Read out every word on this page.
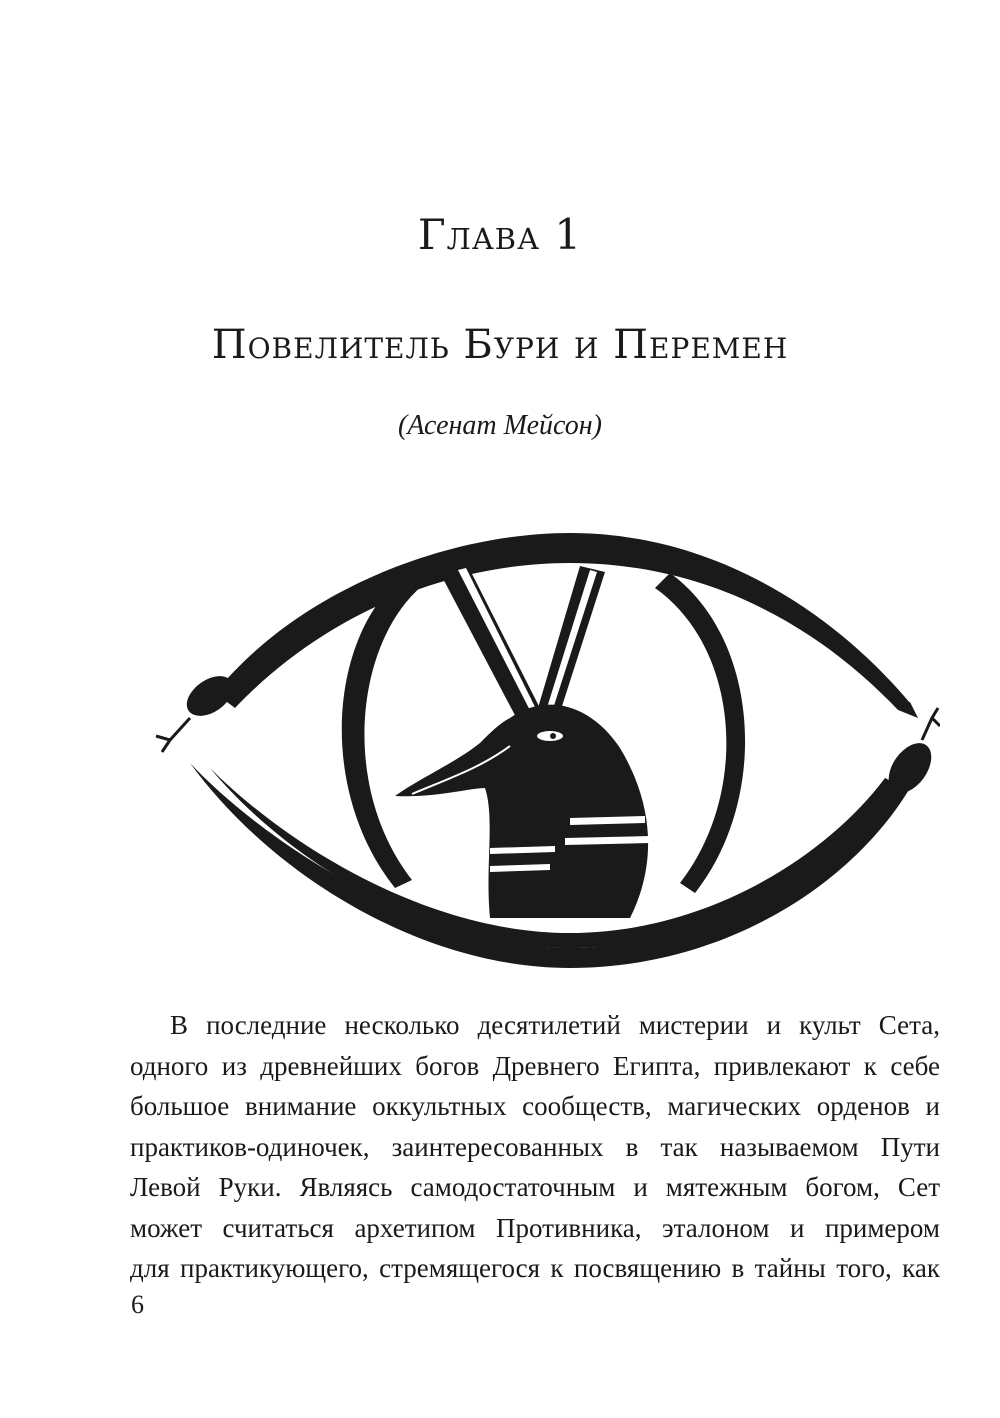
Глава 1
Повелитель Бури и Перемен
(Асенат Мейсон)
В последние несколько десятилетий мистерии и культ Сета,
одного из древнейших богов Древнего Египта, привлекают к себе
большое внимание оккультных сообществ, магических орденов и
практиков-одиночек, заинтересованных в так называемом Пути
Левой Руки. Являясь самодостаточным и мятежным богом, Сет
может считаться архетипом Противника, эталоном и примером
для практикующего, стремящегося к посвящению в тайны того, как
6
